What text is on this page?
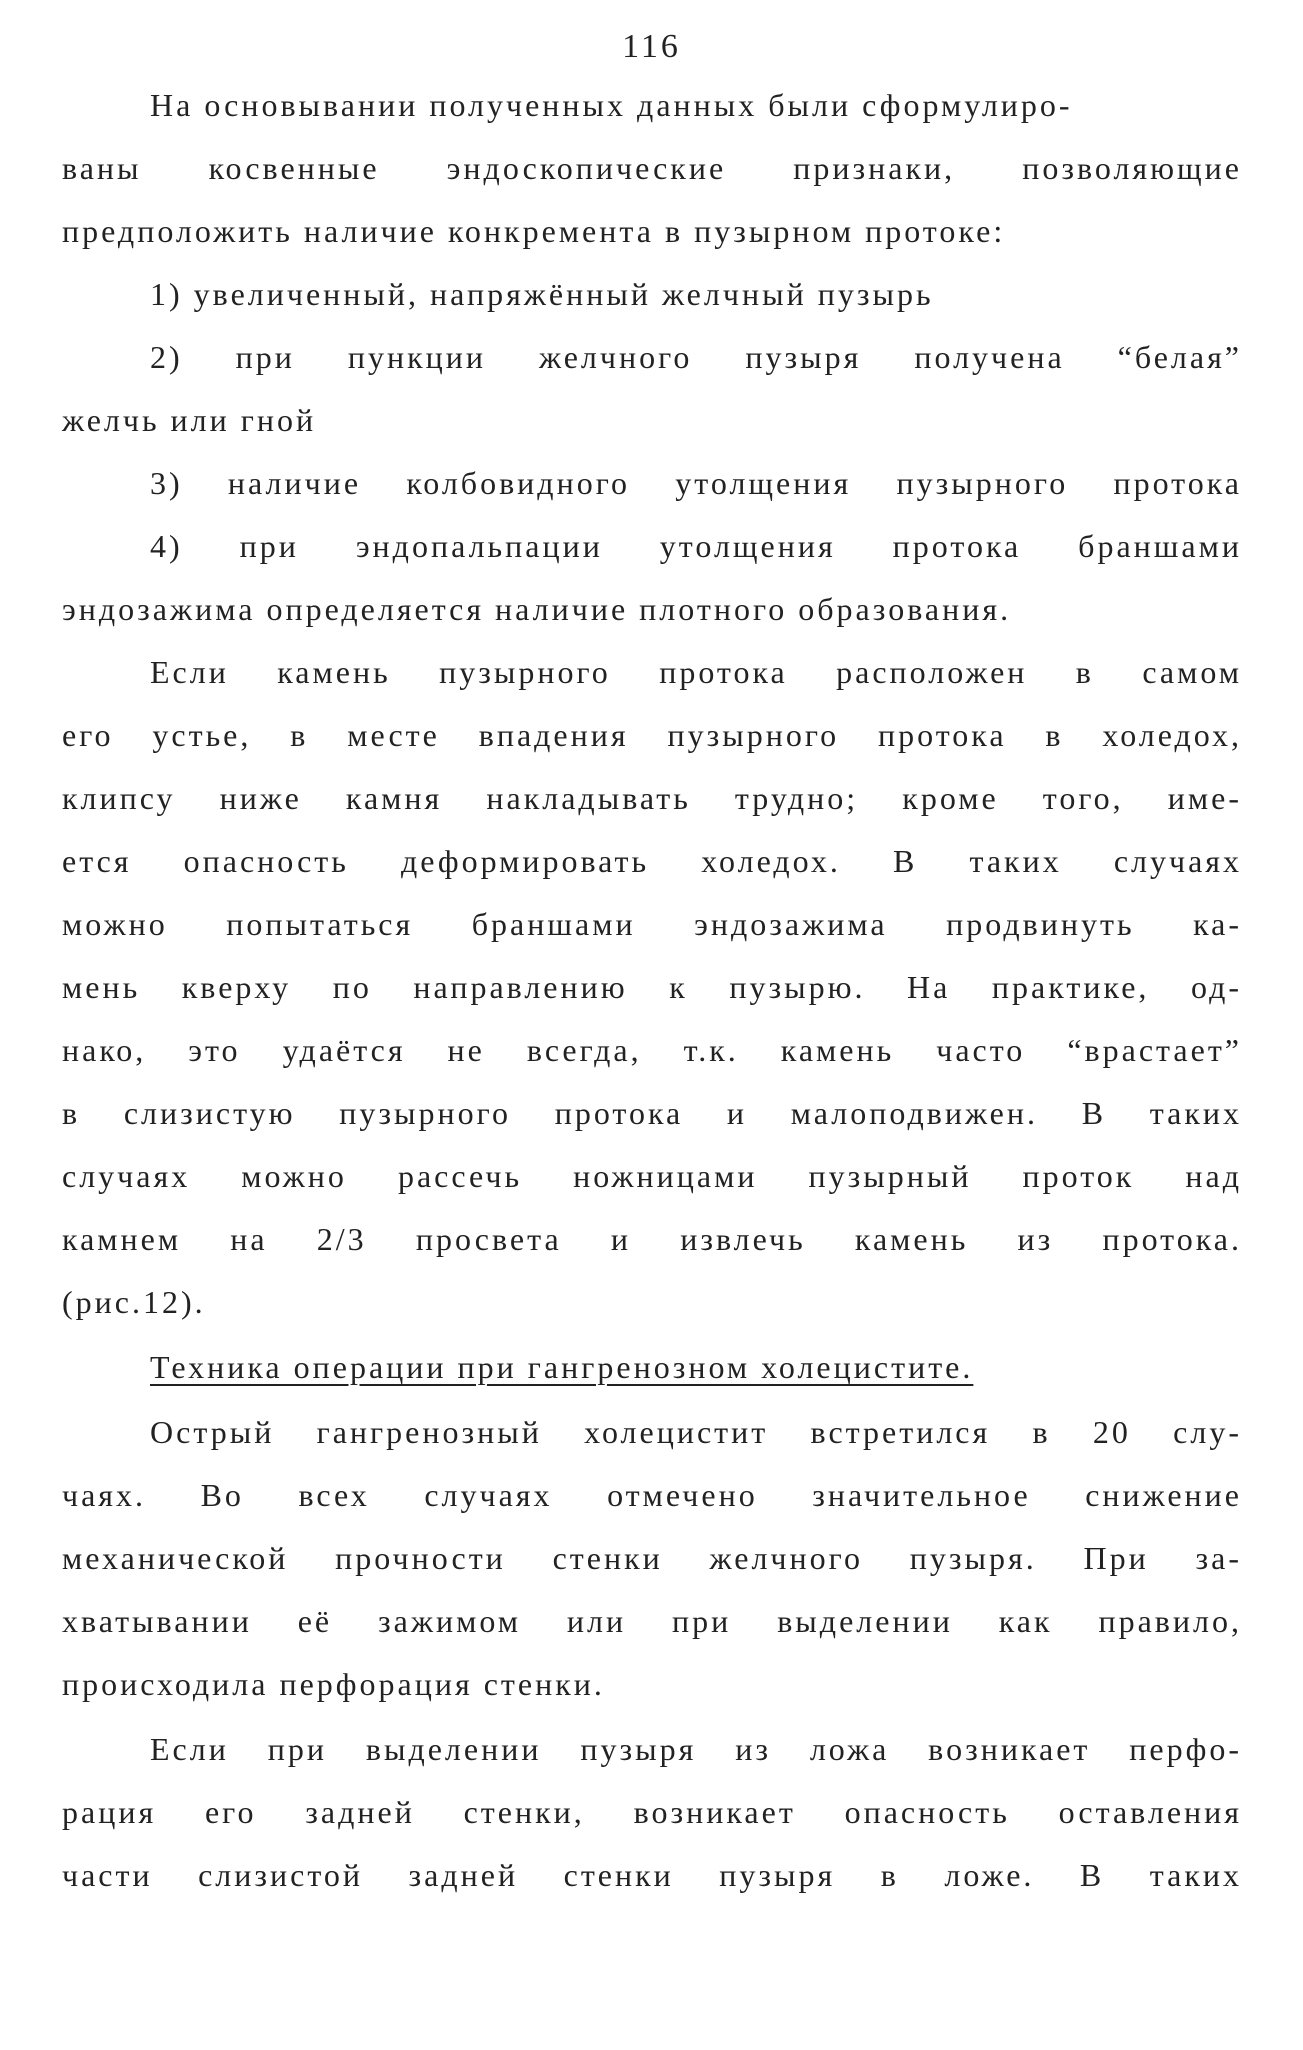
116
На основывании полученных данных были сформулиро-
ваны косвенные эндоскопические признаки, позволяющие
предположить наличие конкремента в пузырном протоке:
1) увеличенный, напряжённый желчный пузырь
2) при пункции желчного пузыря получена “белая”
желчь или гной
3) наличие колбовидного утолщения пузырного протока
4) при эндопальпации утолщения протока браншами
эндозажима определяется наличие плотного образования.
Если камень пузырного протока расположен в самом
его устье, в месте впадения пузырного протока в холедох,
клипсу ниже камня накладывать трудно; кроме того, име-
ется опасность деформировать холедох. В таких случаях
можно попытаться браншами эндозажима продвинуть ка-
мень кверху по направлению к пузырю. На практике, од-
нако, это удаётся не всегда, т.к. камень часто “врастает”
в слизистую пузырного протока и малоподвижен. В таких
случаях можно рассечь ножницами пузырный проток над
камнем на 2/3 просвета и извлечь камень из протока.
(рис.12).
Техника операции при гангренозном холецистите.
Острый гангренозный холецистит встретился в 20 слу-
чаях. Во всех случаях отмечено значительное снижение
механической прочности стенки желчного пузыря. При за-
хватывании её зажимом или при выделении как правило,
происходила перфорация стенки.
Если при выделении пузыря из ложа возникает перфо-
рация его задней стенки, возникает опасность оставления
части слизистой задней стенки пузыря в ложе. В таких
